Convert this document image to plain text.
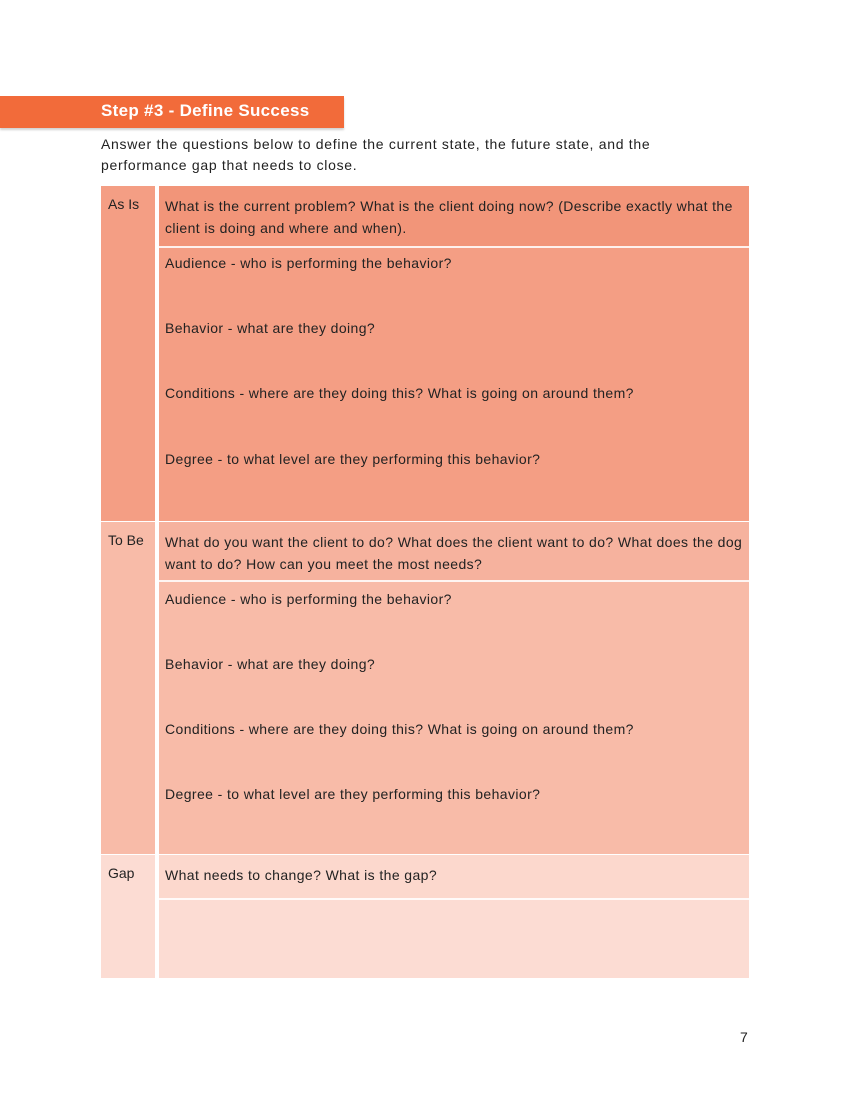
Step #3 - Define Success
Answer the questions below to define the current state, the future state, and the performance gap that needs to close.
As Is What is the current problem? What is the client doing now? (Describe exactly what the client is doing and where and when).
Audience - who is performing the behavior?
Behavior - what are they doing?
Conditions - where are they doing this? What is going on around them?
Degree - to what level are they performing this behavior?
To Be What do you want the client to do? What does the client want to do? What does the dog want to do? How can you meet the most needs?
Audience - who is performing the behavior?
Behavior - what are they doing?
Conditions - where are they doing this? What is going on around them?
Degree - to what level are they performing this behavior?
Gap What needs to change? What is the gap?
7
